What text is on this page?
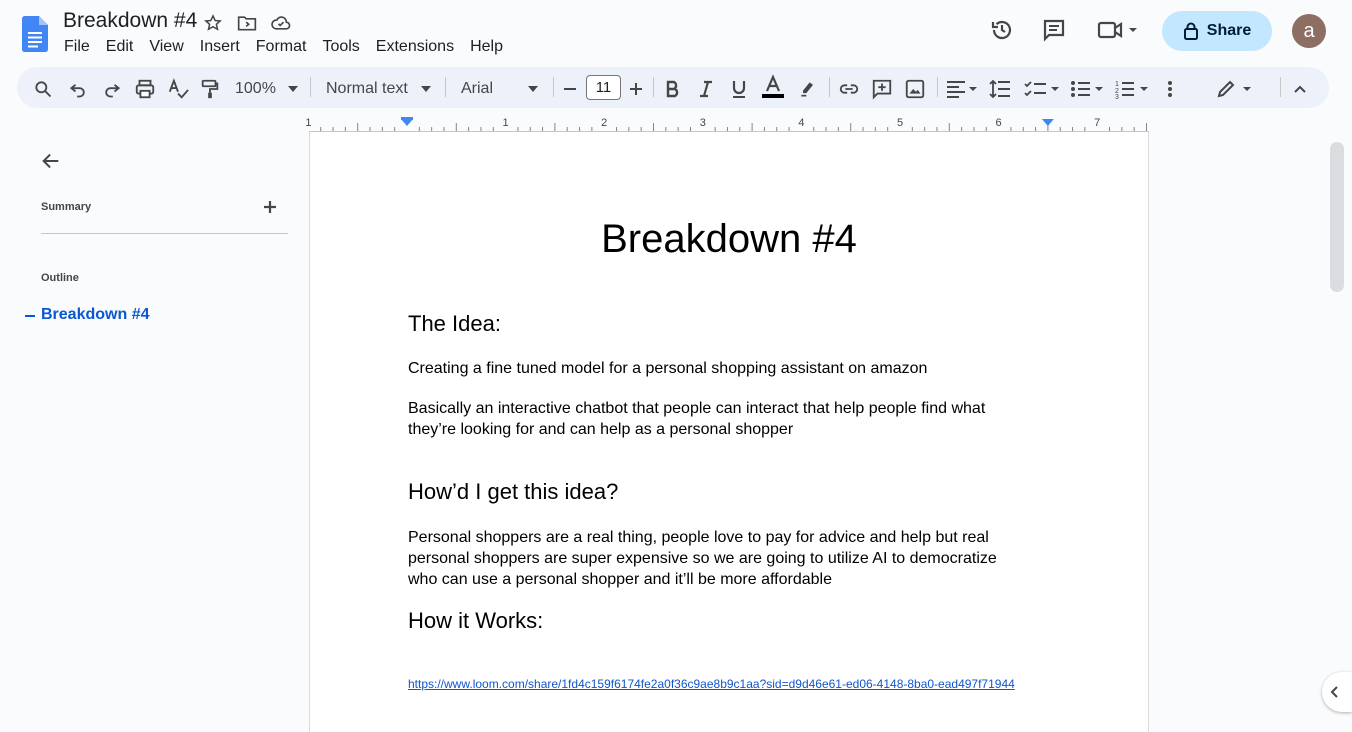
Breakdown #4
File	Edit	View	Insert	Format	Tools	Extensions	Help
Share	a
100%	Normal text	Arial	11	1
2
3
1	1	2	3	4	5	6	7
Summary
Outline
Breakdown #4
Breakdown #4
The Idea:
Creating a fine tuned model for a personal shopping assistant on amazon
Basically an interactive chatbot that people can interact that help people find what they’re looking for and can help as a personal shopper
How’d I get this idea?
Personal shoppers are a real thing, people love to pay for advice and help but real personal shoppers are super expensive so we are going to utilize AI to democratize who can use a personal shopper and it’ll be more affordable
How it Works:
https://www.loom.com/share/1fd4c159f6174fe2a0f36c9ae8b9c1aa?sid=d9d46e61-ed06-4148-8ba0-ead497f71944
